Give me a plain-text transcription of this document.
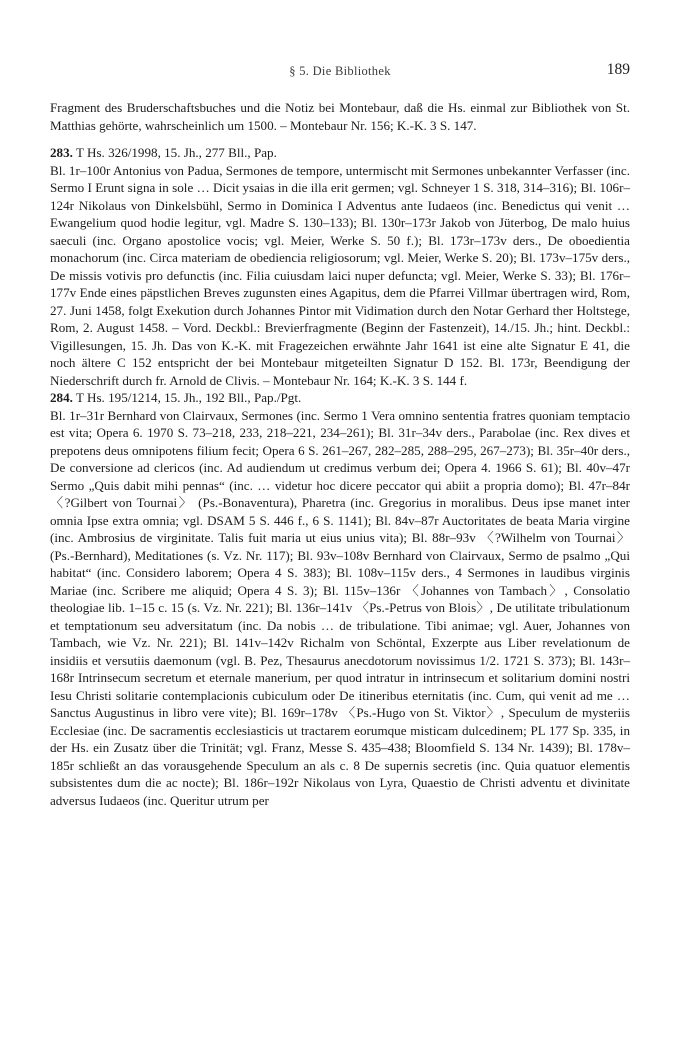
§ 5. Die Bibliothek	189

Fragment des Bruderschaftsbuches und die Notiz bei Montebaur, daß die Hs. einmal zur Bibliothek von St. Matthias gehörte, wahrscheinlich um 1500. – Montebaur Nr. 156; K.-K. 3 S. 147.

283. T Hs. 326/1998, 15. Jh., 277 Bll., Pap.
Bl. 1r–100r Antonius von Padua, Sermones de tempore, untermischt mit Sermones unbekannter Verfasser (inc. Sermo I Erunt signa in sole … Dicit ysaias in die illa erit germen; vgl. Schneyer 1 S. 318, 314–316); Bl. 106r–124r Nikolaus von Dinkelsbühl, Sermo in Dominica I Adventus ante Iudaeos (inc. Benedictus qui venit … Ewangelium quod hodie legitur, vgl. Madre S. 130–133); Bl. 130r–173r Jakob von Jüterbog, De malo huius saeculi (inc. Organo apostolice vocis; vgl. Meier, Werke S. 50 f.); Bl. 173r–173v ders., De oboedientia monachorum (inc. Circa materiam de obediencia religiosorum; vgl. Meier, Werke S. 20); Bl. 173v–175v ders., De missis votivis pro defunctis (inc. Filia cuiusdam laici nuper defuncta; vgl. Meier, Werke S. 33); Bl. 176r–177v Ende eines päpstlichen Breves zugunsten eines Agapitus, dem die Pfarrei Villmar übertragen wird, Rom, 27. Juni 1458, folgt Exekution durch Johannes Pintor mit Vidimation durch den Notar Gerhard ther Holtstege, Rom, 2. August 1458. – Vord. Deckbl.: Brevierfragmente (Beginn der Fastenzeit), 14./15. Jh.; hint. Deckbl.: Vigillesungen, 15. Jh. Das von K.-K. mit Fragezeichen erwähnte Jahr 1641 ist eine alte Signatur E 41, die noch ältere C 152 entspricht der bei Montebaur mitgeteilten Signatur D 152. Bl. 173r, Beendigung der Niederschrift durch fr. Arnold de Clivis. – Montebaur Nr. 164; K.-K. 3 S. 144 f.

284. T Hs. 195/1214, 15. Jh., 192 Bll., Pap./Pgt.
Bl. 1r–31r Bernhard von Clairvaux, Sermones (inc. Sermo 1 Vera omnino sententia fratres quoniam temptacio est vita; Opera 6. 1970 S. 73–218, 233, 218–221, 234–261); Bl. 31r–34v ders., Parabolae (inc. Rex dives et prepotens deus omnipotens filium fecit; Opera 6 S. 261–267, 282–285, 288–295, 267–273); Bl. 35r–40r ders., De conversione ad clericos (inc. Ad audiendum ut credimus verbum dei; Opera 4. 1966 S. 61); Bl. 40v–47r Sermo „Quis dabit mihi pennas“ (inc. … videtur hoc dicere peccator qui abiit a propria domo); Bl. 47r–84r 〈?Gilbert von Tournai〉 (Ps.-Bonaventura), Pharetra (inc. Gregorius in moralibus. Deus ipse manet inter omnia Ipse extra omnia; vgl. DSAM 5 S. 446 f., 6 S. 1141); Bl. 84v–87r Auctoritates de beata Maria virgine (inc. Ambrosius de virginitate. Talis fuit maria ut eius unius vita); Bl. 88r–93v 〈?Wilhelm von Tournai〉 (Ps.-Bernhard), Meditationes (s. Vz. Nr. 117); Bl. 93v–108v Bernhard von Clairvaux, Sermo de psalmo „Qui habitat“ (inc. Considero laborem; Opera 4 S. 383); Bl. 108v–115v ders., 4 Sermones in laudibus virginis Mariae (inc. Scribere me aliquid; Opera 4 S. 3); Bl. 115v–136r 〈Johannes von Tambach〉, Consolatio theologiae lib. 1–15 c. 15 (s. Vz. Nr. 221); Bl. 136r–141v 〈Ps.-Petrus von Blois〉, De utilitate tribulationum et temptationum seu adversitatum (inc. Da nobis … de tribulatione. Tibi animae; vgl. Auer, Johannes von Tambach, wie Vz. Nr. 221); Bl. 141v–142v Richalm von Schöntal, Exzerpte aus Liber revelationum de insidiis et versutiis daemonum (vgl. B. Pez, Thesaurus anecdotorum novissimus 1/2. 1721 S. 373); Bl. 143r–168r Intrinsecum secretum et eternale manerium, per quod intratur in intrinsecum et solitarium domini nostri Iesu Christi solitarie contemplacionis cubiculum oder De itineribus eternitatis (inc. Cum, qui venit ad me … Sanctus Augustinus in libro vere vite); Bl. 169r–178v 〈Ps.-Hugo von St. Viktor〉, Speculum de mysteriis Ecclesiae (inc. De sacramentis ecclesiasticis ut tractarem eorumque misticam dulcedinem; PL 177 Sp. 335, in der Hs. ein Zusatz über die Trinität; vgl. Franz, Messe S. 435–438; Bloomfield S. 134 Nr. 1439); Bl. 178v–185r schließt an das vorausgehende Speculum an als c. 8 De supernis secretis (inc. Quia quatuor elementis subsistentes dum die ac nocte); Bl. 186r–192r Nikolaus von Lyra, Quaestio de Christi adventu et divinitate adversus Iudaeos (inc. Queritur utrum per
